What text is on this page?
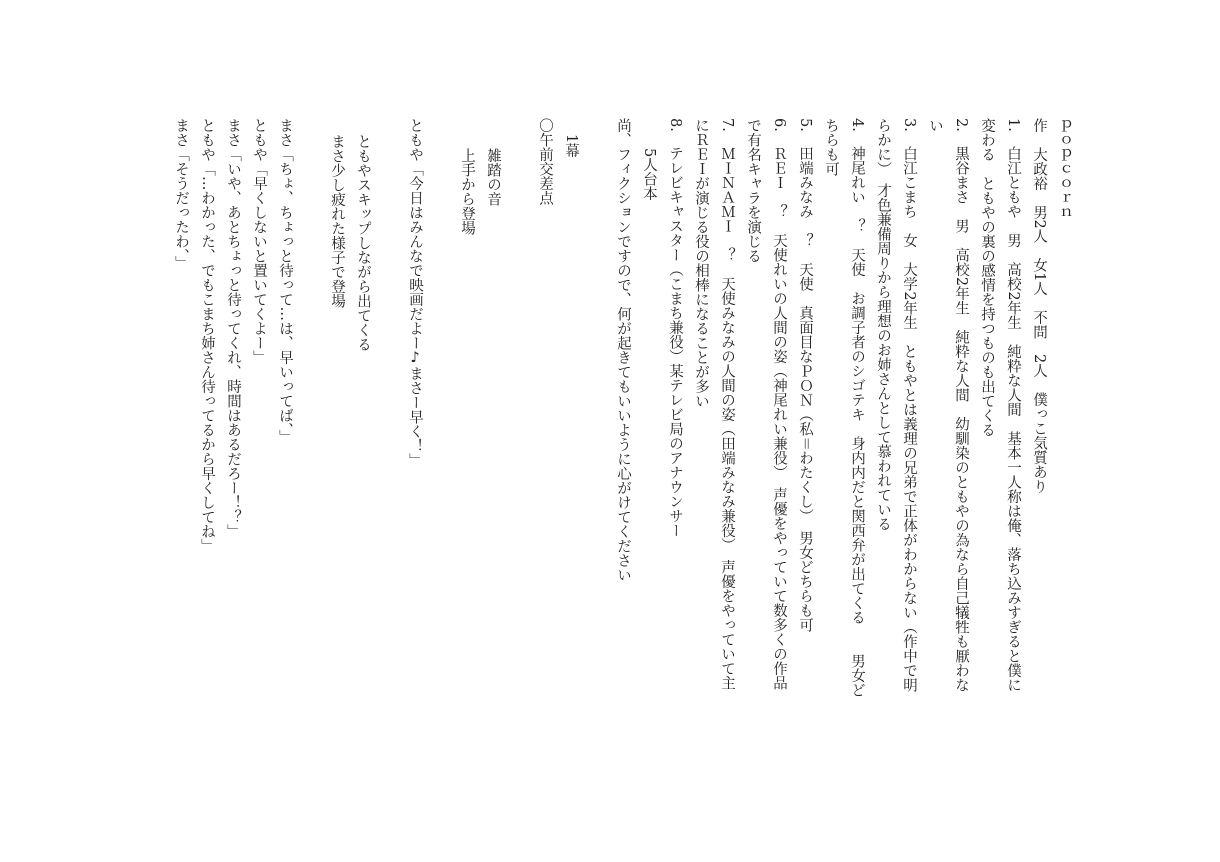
ｐｏｐｃｏｒｎ

作　大政裕　男2人　女1人　不問　2人　僕っこ気質あり

1.　白江ともや　男　高校2年生　純粋な人間　基本一人称は俺、落ち込みすぎると僕に

変わる　ともやの裏の感情を持つものも出てくる

2.　黒谷まさ　男　高校2年生　純粋な人間　幼馴染のともやの為なら自己犠牲も厭わな

い

3.　白江こまち　女　大学2年生　ともやとは義理の兄弟で正体がわからない（作中で明

らかに）　才色兼備周りから理想のお姉さんとして慕われている

4.　神尾れい　？　天使　お調子者のシゴテキ　身内内だと関西弁が出てくる　　男女ど

ちらも可

5.　田端みなみ　？　天使　真面目なＰＯＮ（私＝わたくし）　男女どちらも可

6.　ＲＥＩ　？　天使れいの人間の姿（神尾れい兼役）　声優をやっていて数多くの作品

で有名キャラを演じる

7.　ＭＩＮＡＭＩ　？　天使みなみの人間の姿（田端みなみ兼役）　声優をやっていて主

にＲＥＩが演じる役の相棒になることが多い

8.　テレビキャスター（こまち兼役）某テレビ局のアナウンサー

5人台本

尚、フィクションですので、何が起きてもいいように心がけてください

1幕

〇午前交差点

雑踏の音

上手から登場

ともや「今日はみんなで映画だよー♪まさー早く！」

ともやスキップしながら出てくる

まさ少し疲れた様子で登場

まさ「ちょ、ちょっと待って…は、早いってば、」

ともや「早くしないと置いてくよー」

まさ「いや、あとちょっと待ってくれ、時間はあるだろー！？」

ともや「…わかった、でもこまち姉さん待ってるから早くしてね」

まさ「そうだったわ、」
